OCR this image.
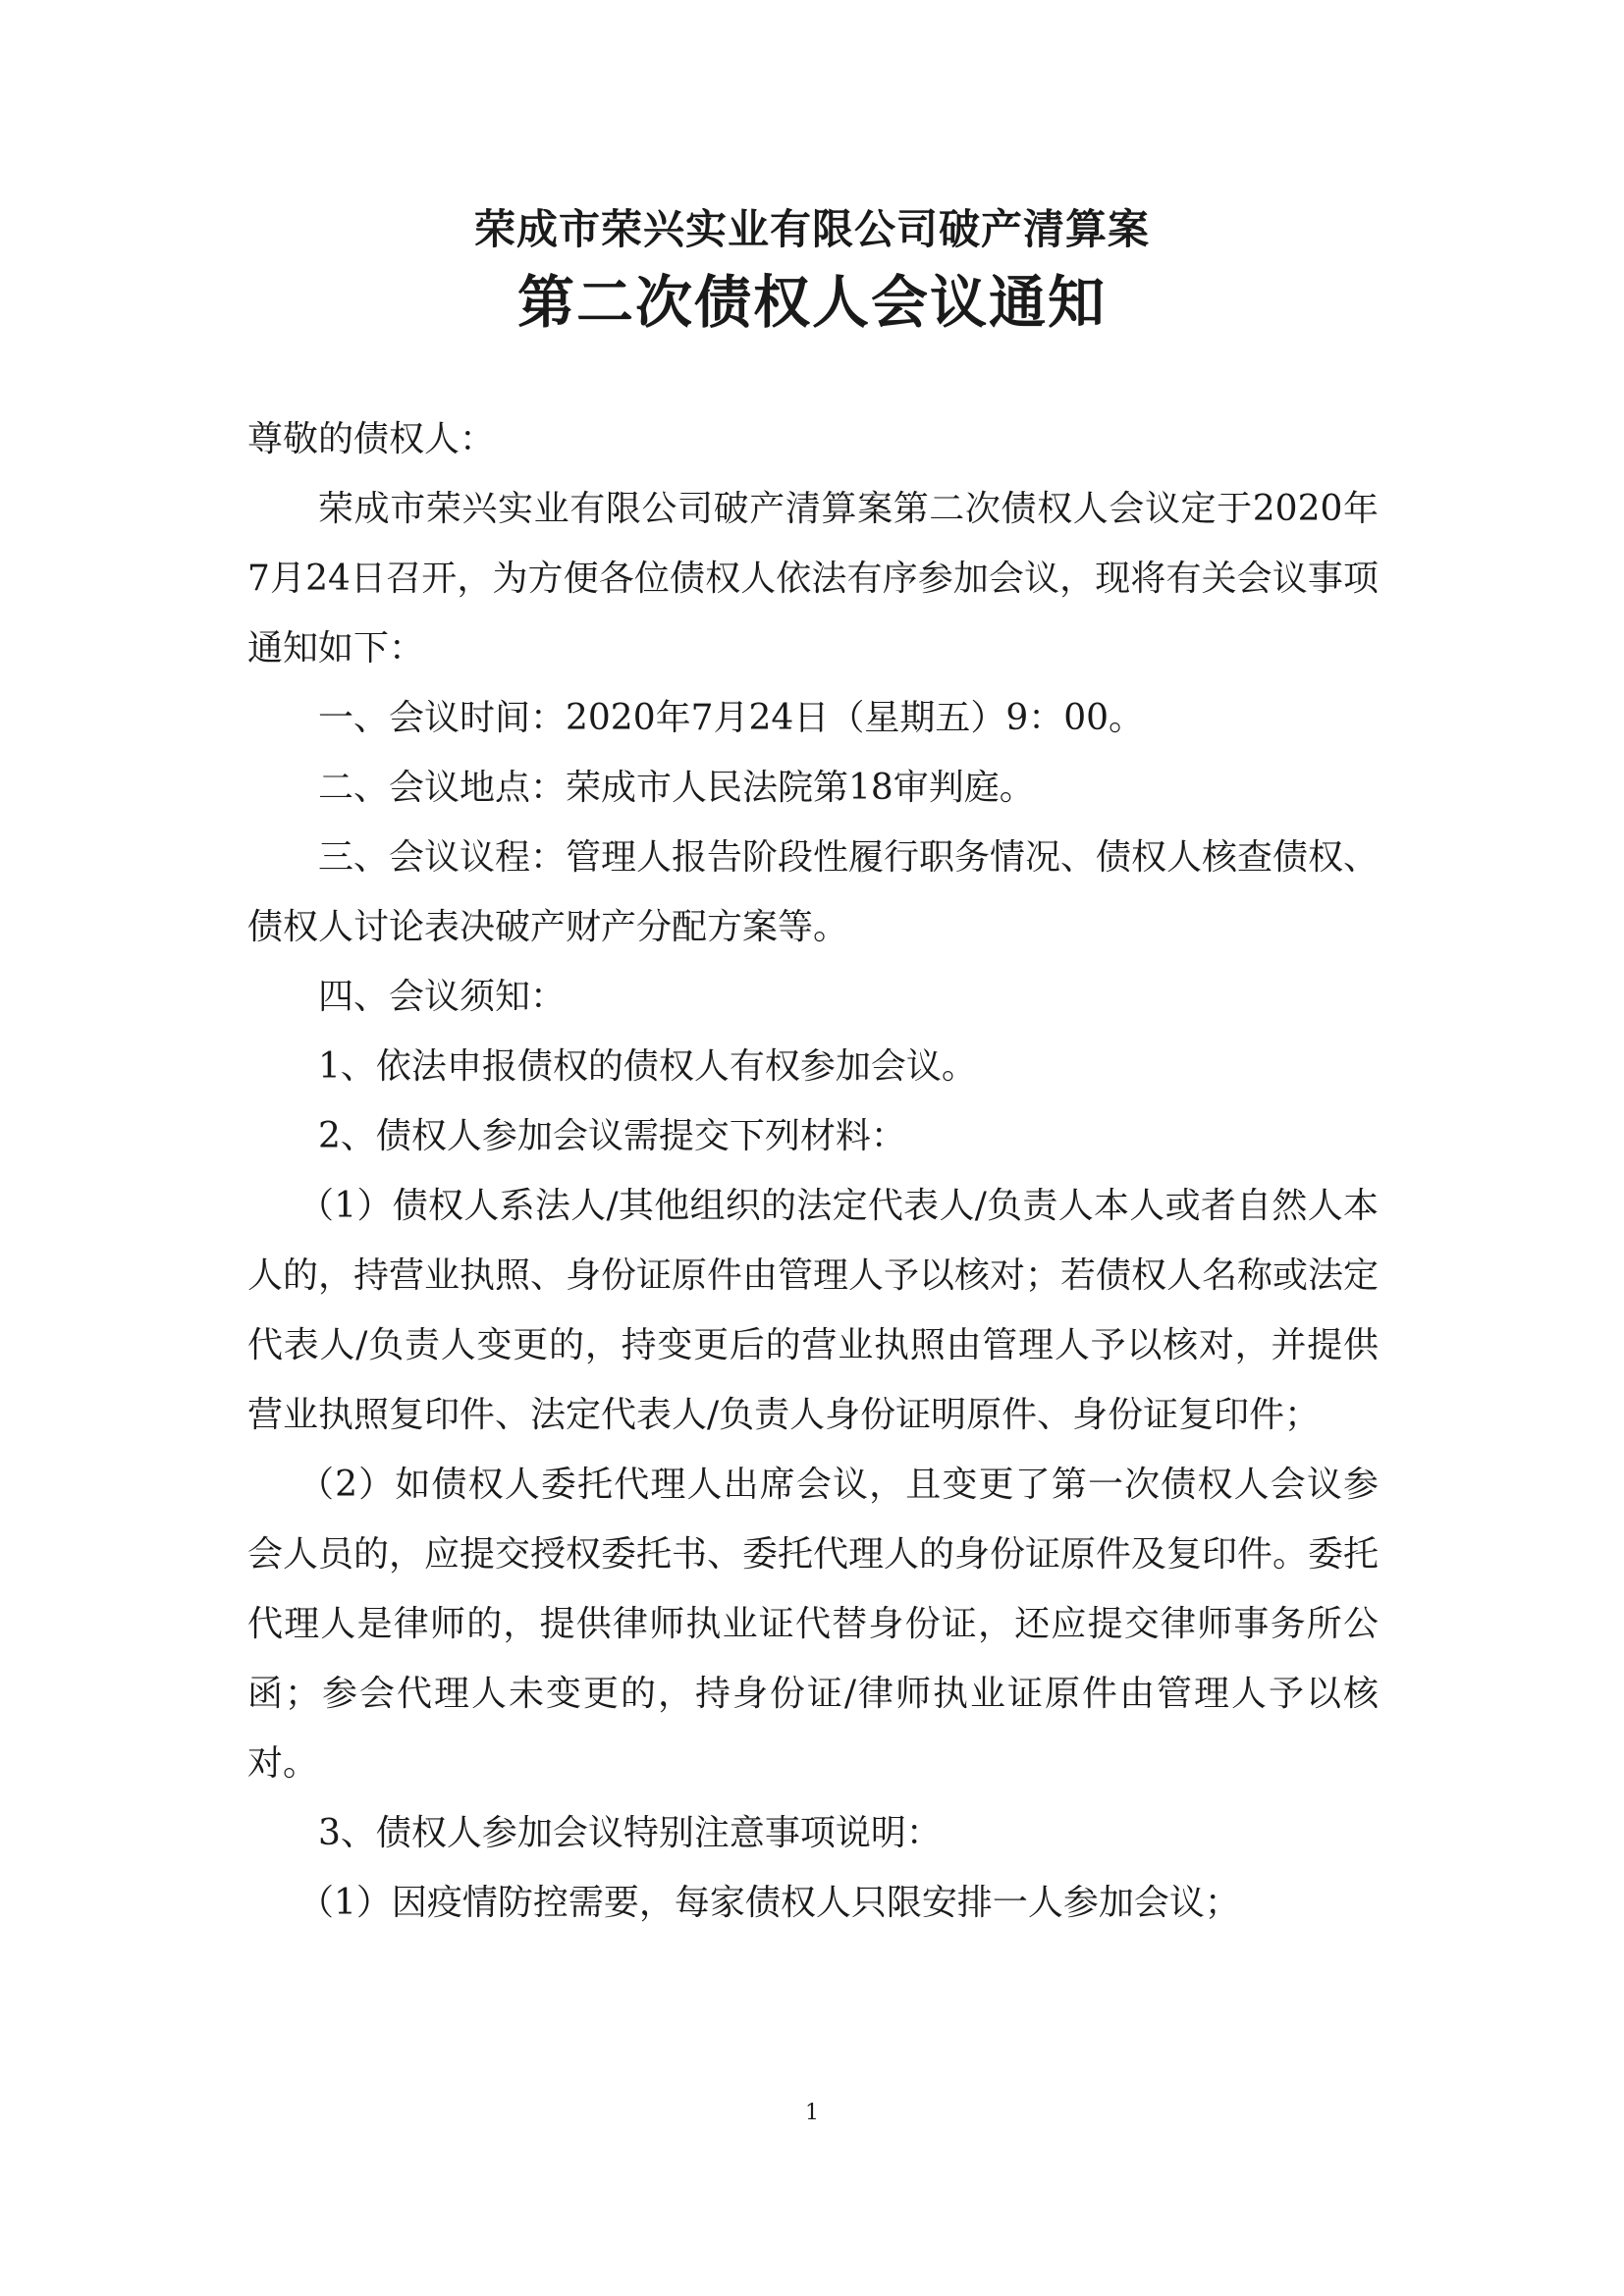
荣成市荣兴实业有限公司破产清算案
第二次债权人会议通知

尊敬的债权人：

荣成市荣兴实业有限公司破产清算案第二次债权人会议定于2020年7月24日召开，为方便各位债权人依法有序参加会议，现将有关会议事项通知如下：

一、会议时间：2020年7月24日（星期五）9：00。

二、会议地点：荣成市人民法院第18审判庭。

三、会议议程：管理人报告阶段性履行职务情况、债权人核查债权、债权人讨论表决破产财产分配方案等。

四、会议须知：

1、依法申报债权的债权人有权参加会议。

2、债权人参加会议需提交下列材料：

（1）债权人系法人/其他组织的法定代表人/负责人本人或者自然人本人的，持营业执照、身份证原件由管理人予以核对；若债权人名称或法定代表人/负责人变更的，持变更后的营业执照由管理人予以核对，并提供营业执照复印件、法定代表人/负责人身份证明原件、身份证复印件；

（2）如债权人委托代理人出席会议，且变更了第一次债权人会议参会人员的，应提交授权委托书、委托代理人的身份证原件及复印件。委托代理人是律师的，提供律师执业证代替身份证，还应提交律师事务所公函；参会代理人未变更的，持身份证/律师执业证原件由管理人予以核对。

3、债权人参加会议特别注意事项说明：

（1）因疫情防控需要，每家债权人只限安排一人参加会议；

1
